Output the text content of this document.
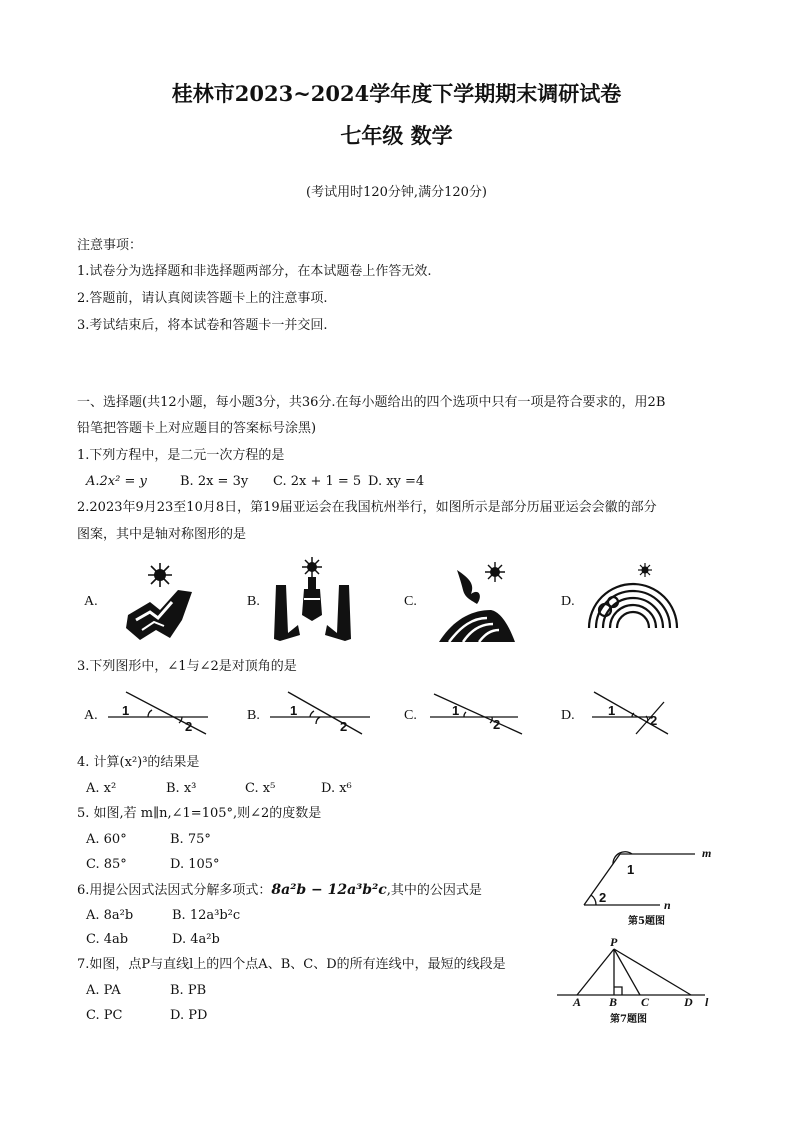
桂林市2023~2024学年度下学期期末调研试卷
七年级 数学
(考试用时120分钟,满分120分)
注意事项：
1.试卷分为选择题和非选择题两部分，在本试题卷上作答无效.
2.答题前，请认真阅读答题卡上的注意事项.
3.考试结束后，将本试卷和答题卡一并交回.
一、选择题(共12小题，每小题3分，共36分.在每小题给出的四个选项中只有一项是符合要求的，用2B
铅笔把答题卡上对应题目的答案标号涂黑)
1.下列方程中，是二元一次方程的是
A.2x² = y	B. 2x = 3y C. 2x + 1 = 5 D. xy =4
2.2023年9月23至10月8日，第19届亚运会在我国杭州举行，如图所示是部分历届亚运会会徽的部分
图案，其中是轴对称图形的是
A.	B.	C.	D.
3.下列图形中，∠1与∠2是对顶角的是
A.	B.	C.	D.
1
2
1
2
1
2
1
2
4. 计算(x²)³的结果是
A. x²	B. x³	C. x⁵	D. x⁶
5. 如图,若 m∥n,∠1=105°,则∠2的度数是
A. 60°	B. 75°
C. 85°	D. 105°
m
n
1
2
第5题图
6.用提公因式法因式分解多项式：8a²b − 12a³b²c,其中的公因式是
A. 8a²b	B. 12a³b²c
C. 4ab	D. 4a²b
7.如图，点P与直线l上的四个点A、B、C、D的所有连线中，最短的线段是
A. PA	B. PB
C. PC	D. PD
P
A B C	D l
第7题图
